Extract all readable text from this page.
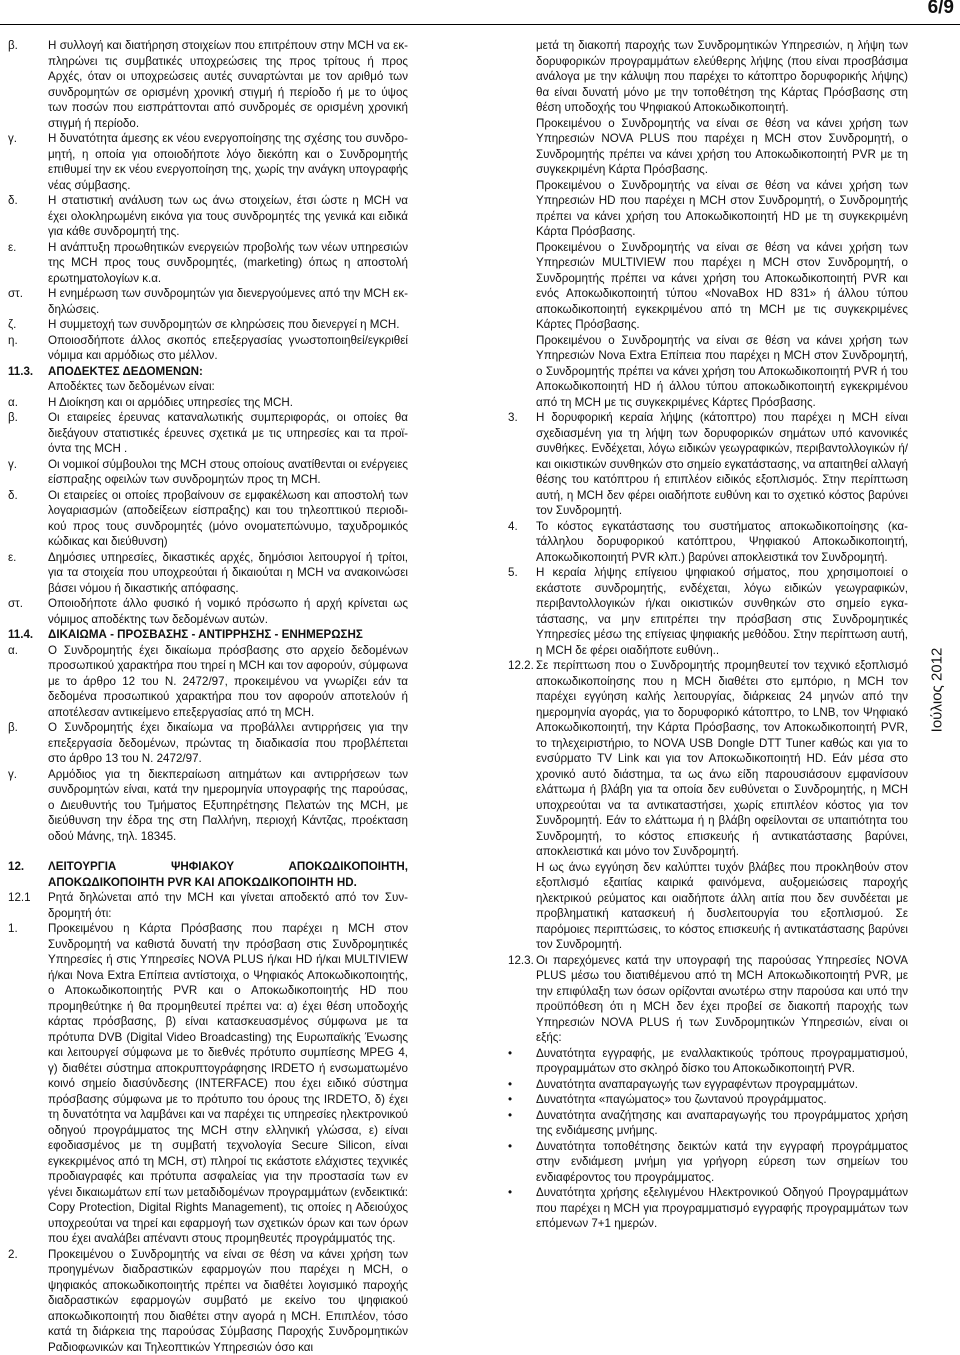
6/9
Ιούλιος 2012
β.	Η συλλογή και διατήρηση στοιχείων που επιτρέπουν στην MCH να εκπληρώνει τις συμβατικές υποχρεώσεις της προς τρίτους ή προς Αρχές, όταν οι υποχρεώσεις αυτές συναρτώνται με τον αριθμό των συνδρομητών σε ορισμένη χρονική στιγμή ή περίοδο ή με το ύψος των ποσών που εισπράττονται από συνδρομές σε ορισμένη χρονική στιγμή ή περίοδο.
γ.	Η δυνατότητα άμεσης εκ νέου ενεργοποίησης της σχέσης του συνδρομητή, η οποία για οποιοδήποτε λόγο διεκόπη και ο Συνδρομητής επιθυμεί την εκ νέου ενεργοποίηση της, χωρίς την ανάγκη υπογραφής νέας σύμβασης.
δ.	Η στατιστική ανάλυση των ως άνω στοιχείων, έτσι ώστε η MCH να έχει ολοκληρωμένη εικόνα για τους συνδρομητές της γενικά και ειδικά για κάθε συνδρομητή της.
ε.	Η ανάπτυξη προωθητικών ενεργειών προβολής των νέων υπηρεσιών της MCH προς τους συνδρομητές, (marketing) όπως η αποστολή ερωτηματολογίων κ.α.
στ.	Η ενημέρωση των συνδρομητών για διενεργούμενες από την MCH εκδηλώσεις.
ζ.	Η συμμετοχή των συνδρομητών σε κληρώσεις που διενεργεί η MCH.
η.	Οποιοσδήποτε άλλος σκοπός επεξεργασίας γνωστοποιηθεί/εγκριθεί νόμιμα και αρμόδιως στο μέλλον.
11.3.	ΑΠΟΔΕΚΤΕΣ ΔΕΔΟΜΕΝΩΝ:
Αποδέκτες των δεδομένων είναι:
α.	Η Διοίκηση και οι αρμόδιες υπηρεσίες της MCH.
β.	Οι εταιρείες έρευνας καταναλωτικής συμπεριφοράς, οι οποίες θα διεξάγουν στατιστικές έρευνες σχετικά με τις υπηρεσίες και τα προϊόντα της MCH .
γ.	Οι νομικοί σύμβουλοι της MCH στους οποίους ανατίθενται οι ενέργειες είσπραξης οφειλών των συνδρομητών προς τη MCH.
δ.	Οι εταιρείες οι οποίες προβαίνουν σε εμφακέλωση και αποστολή των λογαριασμών (αποδείξεων είσπραξης) και του τηλεοπτικού περιοδικού προς τους συνδρομητές (μόνο ονοματεπώνυμο, ταχυδρομικός κώδικας και διεύθυνση)
ε.	Δημόσιες υπηρεσίες, δικαστικές αρχές, δημόσιοι λειτουργοί ή τρίτοι, για τα στοιχεία που υποχρεούται ή δικαιούται η MCH να ανακοινώσει βάσει νόμου ή δικαστικής απόφασης.
στ.	Οποιοδήποτε άλλο φυσικό ή νομικό πρόσωπο ή αρχή κρίνεται ως νόμιμος αποδέκτης των δεδομένων αυτών.
11.4.	ΔΙΚΑΙΩΜΑ - ΠΡΟΣΒΑΣΗΣ - ΑΝΤΙΡΡΗΣΗΣ - ΕΝΗΜΕΡΩΣΗΣ
α.	Ο Συνδρομητής έχει δικαίωμα πρόσβασης στο αρχείο δεδομένων προσωπικού χαρακτήρα που τηρεί η MCH και τον αφορούν, σύμφωνα με το άρθρο 12 του Ν. 2472/97, προκειμένου να γνωρίζει εάν τα δεδομένα προσωπικού χαρακτήρα που τον αφορούν αποτελούν ή αποτέλεσαν αντικείμενο επεξεργασίας από τη MCH.
β.	Ο Συνδρομητής έχει δικαίωμα να προβάλλει αντιρρήσεις για την επεξεργασία δεδομένων, πρώντας τη διαδικασία που προβλέπεται στο άρθρο 13 του Ν. 2472/97.
γ.	Αρμόδιος για τη διεκπεραίωση αιτημάτων και αντιρρήσεων των συνδρομητών είναι, κατά την ημερομηνία υπογραφής της παρούσας, ο Διευθυντής του Τμήματος Εξυπηρέτησης Πελατών της MCH, με διεύθυνση την έδρα της στη Παλλήνη, περιοχή Κάντζας, προέκταση οδού Μάνης, τηλ. 18345.
12.	ΛΕΙΤΟΥΡΓΙΑ ΨΗΦΙΑΚΟΥ ΑΠΟΚΩΔΙΚΟΠΟΙΗΤΗ, ΑΠΟΚΩΔΙΚΟΠΟΙΗΤΗ PVR ΚΑΙ ΑΠΟΚΩΔΙΚΟΠΟΙΗΤΗ HD.
12.1	Ρητά δηλώνεται από την MCH και γίνεται αποδεκτό από τον Συνδρομητή ότι:
1.	Προκειμένου η Κάρτα Πρόσβασης που παρέχει η MCH στον Συνδρομητή να καθιστά δυνατή την πρόσβαση στις Συνδρομητικές Υπηρεσίες ή στις Υπηρεσίες NOVA PLUS ή/και HD ή/και MULTIVIEW ή/και Nova Extra Επίπεια αντίστοιχα, ο Ψηφιακός Αποκωδικοποιητής, ο Αποκωδικοποιητής PVR και ο Αποκωδικοποιητής HD που προμηθεύτηκε ή θα προμηθευτεί πρέπει να: α) έχει θέση υποδοχής κάρτας πρόσβασης, β) είναι κατασκευασμένος σύμφωνα με τα πρότυπα DVB (Digital Video Broadcasting) της Ευρωπαϊκής Ένωσης και λειτουργεί σύμφωνα με το διεθνές πρότυπο συμπίεσης MPEG 4, γ) διαθέτει σύστημα αποκρυπτογράφησης IRDETO ή ενσωματωμένο κοινό σημείο διασύνδεσης (INTERFACE) που έχει ειδικό σύστημα πρόσβασης σύμφωνα με το πρότυπο του όρους της IRDETO, δ) έχει τη δυνατότητα να λαμβάνει και να παρέχει τις υπηρεσίες ηλεκτρονικού οδηγού προγράμματος της MCH στην ελληνική γλώσσα, ε) είναι εφοδιασμένος με τη συμβατή τεχνολογία Secure Silicon, είναι εγκεκριμένος από τη MCH, στ) πληροί τις εκάστοτε ελάχιστες τεχνικές προδιαγραφές και πρότυπα ασφαλείας για την προστασία των εν γένει δικαιωμάτων επί των μεταδιδομένων προγραμμάτων (ενδεικτικά: Copy Protection, Digital Rights Management), τις οποίες η Αδειούχος υποχρεούται να τηρεί και εφαρμογή των σχετικών όρων και των όρων που έχει αναλάβει απέναντι στους προμηθευτές προγράμματός της.
2.	Προκειμένου ο Συνδρομητής να είναι σε θέση να κάνει χρήση των προηγμένων διαδραστικών εφαρμογών που παρέχει η MCH, ο ψηφιακός αποκωδικοποιητής πρέπει να διαθέτει λογισμικό παροχής διαδραστικών εφαρμογών συμβατό με εκείνο του ψηφιακού αποκωδικοποιητή που διαθέτει στην αγορά η MCH. Επιπλέον, τόσο κατά τη διάρκεια της παρούσας Σύμβασης Παροχής Συνδρομητικών Ραδιοφωνικών και Τηλεοπτικών Υπηρεσιών όσο και
μετά τη διακοπή παροχής των Συνδρομητικών Υπηρεσιών, η λήψη των δορυφορικών προγραμμάτων ελεύθερης λήψης (που είναι προσβάσιμα ανάλογα με την κάλυψη που παρέχει το κάτοπτρο δορυφορικής λήψης) θα είναι δυνατή μόνο με την τοποθέτηση της Κάρτας Πρόσβασης στη θέση υποδοχής του Ψηφιακού Αποκωδικοποιητή.
Προκειμένου ο Συνδρομητής να είναι σε θέση να κάνει χρήση των Υπηρεσιών NOVA PLUS που παρέχει η MCH στον Συνδρομητή, ο Συνδρομητής πρέπει να κάνει χρήση του Αποκωδικοποιητή PVR με τη συγκεκριμένη Κάρτα Πρόσβασης.
Προκειμένου ο Συνδρομητής να είναι σε θέση να κάνει χρήση των Υπηρεσιών HD που παρέχει η MCH στον Συνδρομητή, ο Συνδρομητής πρέπει να κάνει χρήση του Αποκωδικοποιητή HD με τη συγκεκριμένη Κάρτα Πρόσβασης.
Προκειμένου ο Συνδρομητής να είναι σε θέση να κάνει χρήση των Υπηρεσιών MULTIVIEW που παρέχει η MCH στον Συνδρομητή, ο Συνδρομητής πρέπει να κάνει χρήση του Αποκωδικοποιητή PVR και ενός Αποκωδικοποιητή τύπου «NovaBox HD 831» ή άλλου τύπου αποκωδικοποιητή εγκεκριμένου από τη MCH με τις συγκεκριμένες Κάρτες Πρόσβασης.
Προκειμένου ο Συνδρομητής να είναι σε θέση να κάνει χρήση των Υπηρεσιών Nova Extra Επίπεια που παρέχει η MCH στον Συνδρομητή, ο Συνδρομητής πρέπει να κάνει χρήση του Αποκωδικοποιητή PVR ή του Αποκωδικοποιητή HD ή άλλου τύπου αποκωδικοποιητή εγκεκριμένου από τη MCH με τις συγκεκριμένες Κάρτες Πρόσβασης.
3.	Η δορυφορική κεραία λήψης (κάτοπτρο) που παρέχει η MCH είναι σχεδιασμένη για τη λήψη των δορυφορικών σημάτων υπό κανονικές συνθήκες. Ενδέχεται, λόγω ειδικών γεωγραφικών, περιβαντολλογικών ή/και οικιστικών συνθηκών στο σημείο εγκατάστασης, να απαιτηθεί αλλαγή θέσης του κατόπτρου ή επιπλέον ειδικός εξοπλισμός. Στην περίπτωση αυτή, η MCH δεν φέρει οιαδήποτε ευθύνη και το σχετικό κόστος βαρύνει τον Συνδρομητή.
4.	Το κόστος εγκατάστασης του συστήματος αποκωδικοποίησης (κατάλληλου δορυφορικού κατόπτρου, Ψηφιακού Αποκωδικοποιητή, Αποκωδικοποιητή PVR κλπ.) βαρύνει αποκλειστικά τον Συνδρομητή.
5.	Η κεραία λήψης επίγειου ψηφιακού σήματος, που χρησιμοποιεί ο εκάστοτε συνδρομητής, ενδέχεται, λόγω ειδικών γεωγραφικών, περιβαντολλογικών ή/και οικιστικών συνθηκών στο σημείο εγκατάστασης, να μην επιτρέπει την πρόσβαση στις Συνδρομητικές Υπηρεσίες μέσω της επίγειας ψηφιακής μεθόδου. Στην περίπτωση αυτή, η MCH δε φέρει οιαδήποτε ευθύνη..
12.2. Σε περίπτωση που ο Συνδρομητής προμηθευτεί τον τεχνικό εξοπλισμό αποκωδικοποίησης που η MCH διαθέτει στο εμπόριο, η MCH τον παρέχει εγγύηση καλής λειτουργίας, διάρκειας 24 μηνών από την ημερομηνία αγοράς, για το δορυφορικό κάτοπτρο, το LNB, τον Ψηφιακό Αποκωδικοποιητή, την Κάρτα Πρόσβασης, τον Αποκωδικοποιητή PVR, το τηλεχειριστήριο, το NOVA USB Dongle DTT Tuner καθώς και για το ενσύρματο TV Link και για τον Αποκωδικοποιητή HD. Εάν μέσα στο χρονικό αυτό διάστημα, τα ως άνω είδη παρουσιάσουν εμφανίσουν ελάττωμα ή βλάβη για τα οποία δεν ευθύνεται ο Συνδρομητής, η MCH υποχρεούται να τα αντικαταστήσει, χωρίς επιπλέον κόστος για τον Συνδρομητή. Εάν το ελάττωμα ή η βλάβη οφείλονται σε υπαιτιότητα του Συνδρομητή, το κόστος επισκευής ή αντικατάστασης βαρύνει, αποκλειστικά και μόνο τον Συνδρομητή.
Η ως άνω εγγύηση δεν καλύπτει τυχόν βλάβες που προκληθούν στον εξοπλισμό εξαιτίας καιρικά φαινόμενα, αυξομειώσεις παροχής ηλεκτρικού ρεύματος και οιαδήποτε άλλη αιτία που δεν συνδέεται με προβληματική κατασκευή ή δυσλειτουργία του εξοπλισμού. Σε παρόμοιες περιπτώσεις, το κόστος επισκευής ή αντικατάστασης βαρύνει τον Συνδρομητή.
12.3. Οι παρεχόμενες κατά την υπογραφή της παρούσας Υπηρεσίες NOVA PLUS μέσω του διατιθέμενου από τη MCH Αποκωδικοποιητή PVR, με την επιφύλαξη των όσων ορίζονται ανωτέρω στην παρούσα και υπό την προϋπόθεση ότι η MCH δεν έχει προβεί σε διακοπή παροχής των Υπηρεσιών NOVA PLUS ή των Συνδρομητικών Υπηρεσιών, είναι οι εξής:
•	Δυνατότητα εγγραφής, με εναλλακτικούς τρόπους προγραμματισμού, προγραμμάτων στο σκληρό δίσκο του Αποκωδικοποιητή PVR.
•	Δυνατότητα αναπαραγωγής των εγγραφέντων προγραμμάτων.
•	Δυνατότητα «παγώματος» του ζωντανού προγράμματος.
•	Δυνατότητα αναζήτησης και αναπαραγωγής του προγράμματος χρήση της ενδιάμεσης μνήμης.
•	Δυνατότητα τοποθέτησης δεικτών κατά την εγγραφή προγράμματος στην ενδιάμεση μνήμη για γρήγορη εύρεση των σημείων του ενδιαφέροντος του προγράμματος.
•	Δυνατότητα χρήσης εξελιγμένου Ηλεκτρονικού Οδηγού Προγραμμάτων που παρέχει η MCH για προγραμματισμό εγγραφής προγραμμάτων των επόμενων 7+1 ημερών.
